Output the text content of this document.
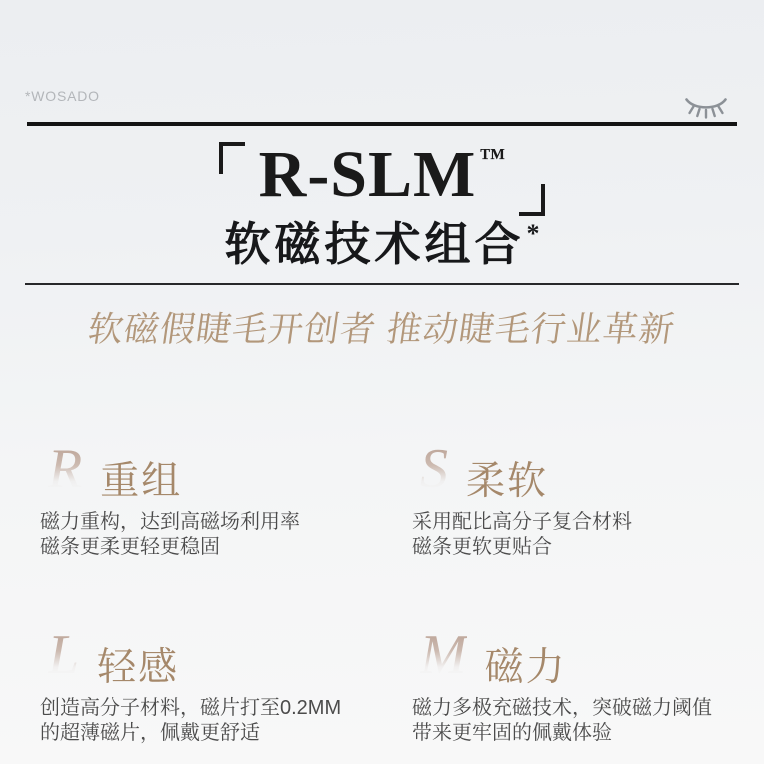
*WOSADO
R-SLM ™
软磁技术组合*
软磁假睫毛开创者 推动睫毛行业革新
R 重组

磁力重构，达到高磁场利用率
磁条更柔更轻更稳固

S 柔软

采用配比高分子复合材料
磁条更软更贴合

L 轻感

创造高分子材料，磁片打至0.2MM
的超薄磁片，佩戴更舒适

M 磁力

磁力多极充磁技术，突破磁力阈值
带来更牢固的佩戴体验
